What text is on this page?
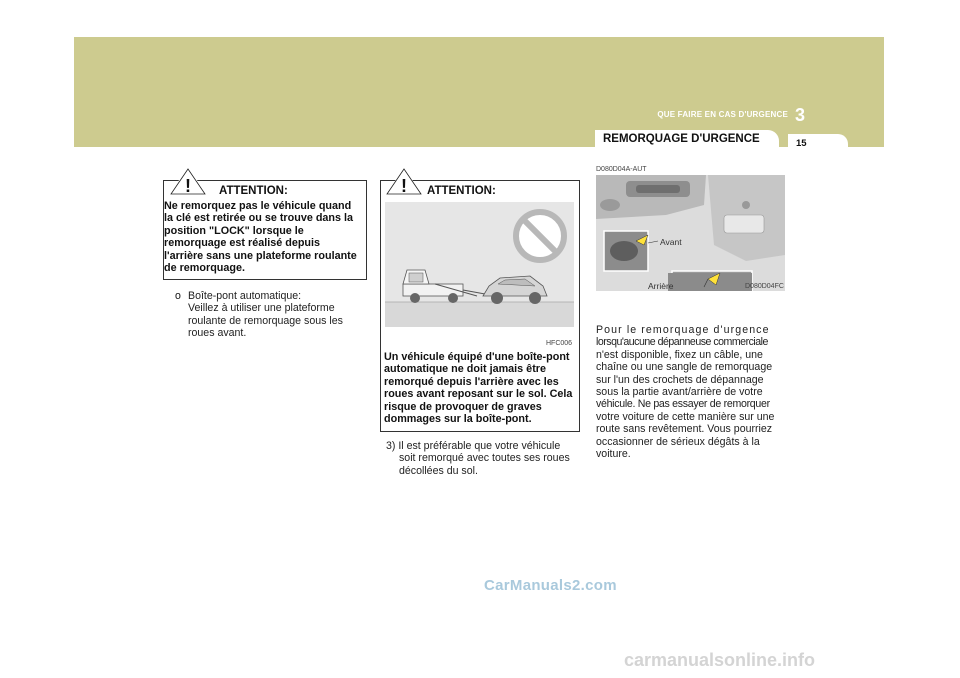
QUE FAIRE EN CAS D'URGENCE 3
REMORQUAGE D'URGENCE	15
! ATTENTION:
Ne remorquez pas le véhicule quand
la clé est retirée ou se trouve dans la
position "LOCK" lorsque le
remorquage est réalisé depuis
l'arrière sans une plateforme roulante
de remorquage.
o Boîte-pont automatique:
Veillez à utiliser une plateforme
roulante de remorquage sous les
roues avant.
! ATTENTION:
HFC006
Un véhicule équipé d'une boîte-pont
automatique ne doit jamais être
remorqué depuis l'arrière avec les
roues avant reposant sur le sol. Cela
risque de provoquer de graves
dommages sur la boîte-pont.
3) Il est préférable que votre véhicule
soit remorqué avec toutes ses roues
décollées du sol.
D080D04A-AUT
Avant
Arrière	D080D04FC
Pour le remorquage d'urgence
lorsqu'aucune dépanneuse commerciale
n'est disponible, fixez un câble, une
chaîne ou une sangle de remorquage
sur l'un des crochets de dépannage
sous la partie avant/arrière de votre
véhicule. Ne pas essayer de remorquer
votre voiture de cette manière sur une
route sans revêtement. Vous pourriez
occasionner de sérieux dégâts à la
voiture.
CarManuals2.com
carmanualsonline.info
